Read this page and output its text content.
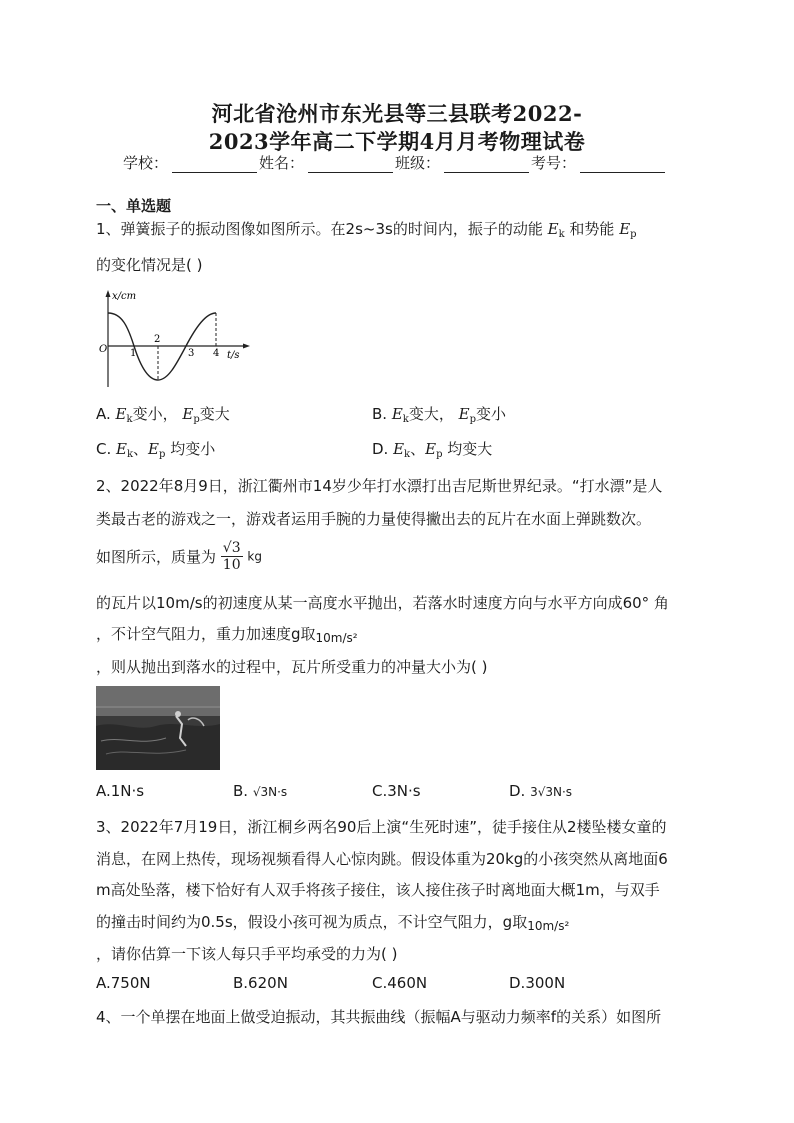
河北省沧州市东光县等三县联考2022-
2023学年高二下学期4月月考物理试卷
学校：	姓名：	班级：	考号：
一、单选题
1、弹簧振子的振动图像如图所示。在2s~3s的时间内，振子的动能 $E_k$ 和势能 $E_p$
的变化情况是( )
x/cm
t/s
O 1
2
3 4
A. $E_k$变小， $E_p$变大	B. $E_k$变大， $E_p$变小
C. $E_k$、$E_p$ 均变小	D. $E_k$、$E_p$ 均变大
2、2022年8月9日，浙江衢州市14岁少年打水漂打出吉尼斯世界纪录。“打水漂”是人
类最古老的游戏之一，游戏者运用手腕的力量使得撇出去的瓦片在水面上弹跳数次。
如图所示，质量为 $\frac{√3}{10}$ kg
的瓦片以10m/s的初速度从某一高度水平抛出，若落水时速度方向与水平方向成60° 角
，不计空气阻力，重力加速度g取$_{10m/s^2}$
，则从抛出到落水的过程中，瓦片所受重力的冲量大小为( )
A.1N·s	B. √3N·s	C.3N·s	D. 3√3N·s
3、2022年7月19日，浙江桐乡两名90后上演“生死时速”，徒手接住从2楼坠楼女童的
消息，在网上热传，现场视频看得人心惊肉跳。假设体重为20kg的小孩突然从离地面6
m高处坠落，楼下恰好有人双手将孩子接住，该人接住孩子时离地面大概1m，与双手
的撞击时间约为0.5s，假设小孩可视为质点，不计空气阻力，g取$_{10m/s^2}$
，请你估算一下该人每只手平均承受的力为( )
A.750N	B.620N	C.460N	D.300N
4、一个单摆在地面上做受迫振动，其共振曲线（振幅A与驱动力频率f的关系）如图所
